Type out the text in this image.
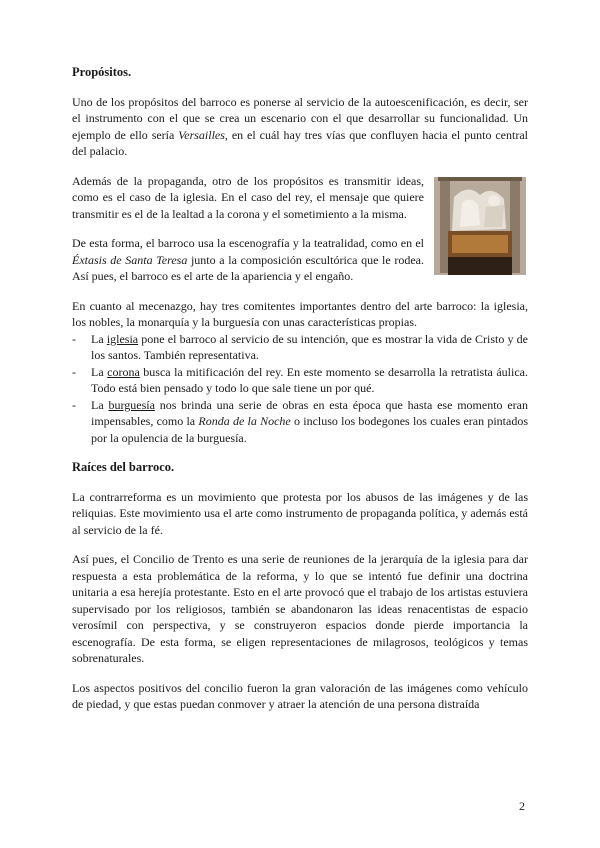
Propósitos.

Uno de los propósitos del barroco es ponerse al servicio de la autoescenificación, es decir, ser el instrumento con el que se crea un escenario con el que desarrollar su funcionalidad. Un ejemplo de ello sería Versailles, en el cuál hay tres vías que confluyen hacia el punto central del palacio.

Además de la propaganda, otro de los propósitos es transmitir ideas, como es el caso de la iglesia. En el caso del rey, el mensaje que quiere transmitir es el de la lealtad a la corona y el sometimiento a la misma.

De esta forma, el barroco usa la escenografía y la teatralidad, como en el Éxtasis de Santa Teresa junto a la composición escultórica que le rodea. Así pues, el barroco es el arte de la apariencia y el engaño.

En cuanto al mecenazgo, hay tres comitentes importantes dentro del arte barroco: la iglesia, los nobles, la monarquía y la burguesía con unas características propias.

- La iglesia pone el barroco al servicio de su intención, que es mostrar la vida de Cristo y de los santos. También representativa.
- La corona busca la mitificación del rey. En este momento se desarrolla la retratista áulica. Todo está bien pensado y todo lo que sale tiene un por qué.
- La burguesía nos brinda una serie de obras en esta época que hasta ese momento eran impensables, como la Ronda de la Noche o incluso los bodegones los cuales eran pintados por la opulencia de la burguesía.
Raíces del barroco.

La contrarreforma es un movimiento que protesta por los abusos de las imágenes y de las reliquias. Este movimiento usa el arte como instrumento de propaganda política, y además está al servicio de la fé.

Así pues, el Concilio de Trento es una serie de reuniones de la jerarquía de la iglesia para dar respuesta a esta problemática de la reforma, y lo que se intentó fue definir una doctrina unitaria a esa herejía protestante. Esto en el arte provocó que el trabajo de los artistas estuviera supervisado por los religiosos, también se abandonaron las ideas renacentistas de espacio verosímil con perspectiva, y se construyeron espacios donde pierde importancia la escenografía. De esta forma, se eligen representaciones de milagrosos, teológicos y temas sobrenaturales.

Los aspectos positivos del concilio fueron la gran valoración de las imágenes como vehículo de piedad, y que estas puedan conmover y atraer la atención de una persona distraída

2
